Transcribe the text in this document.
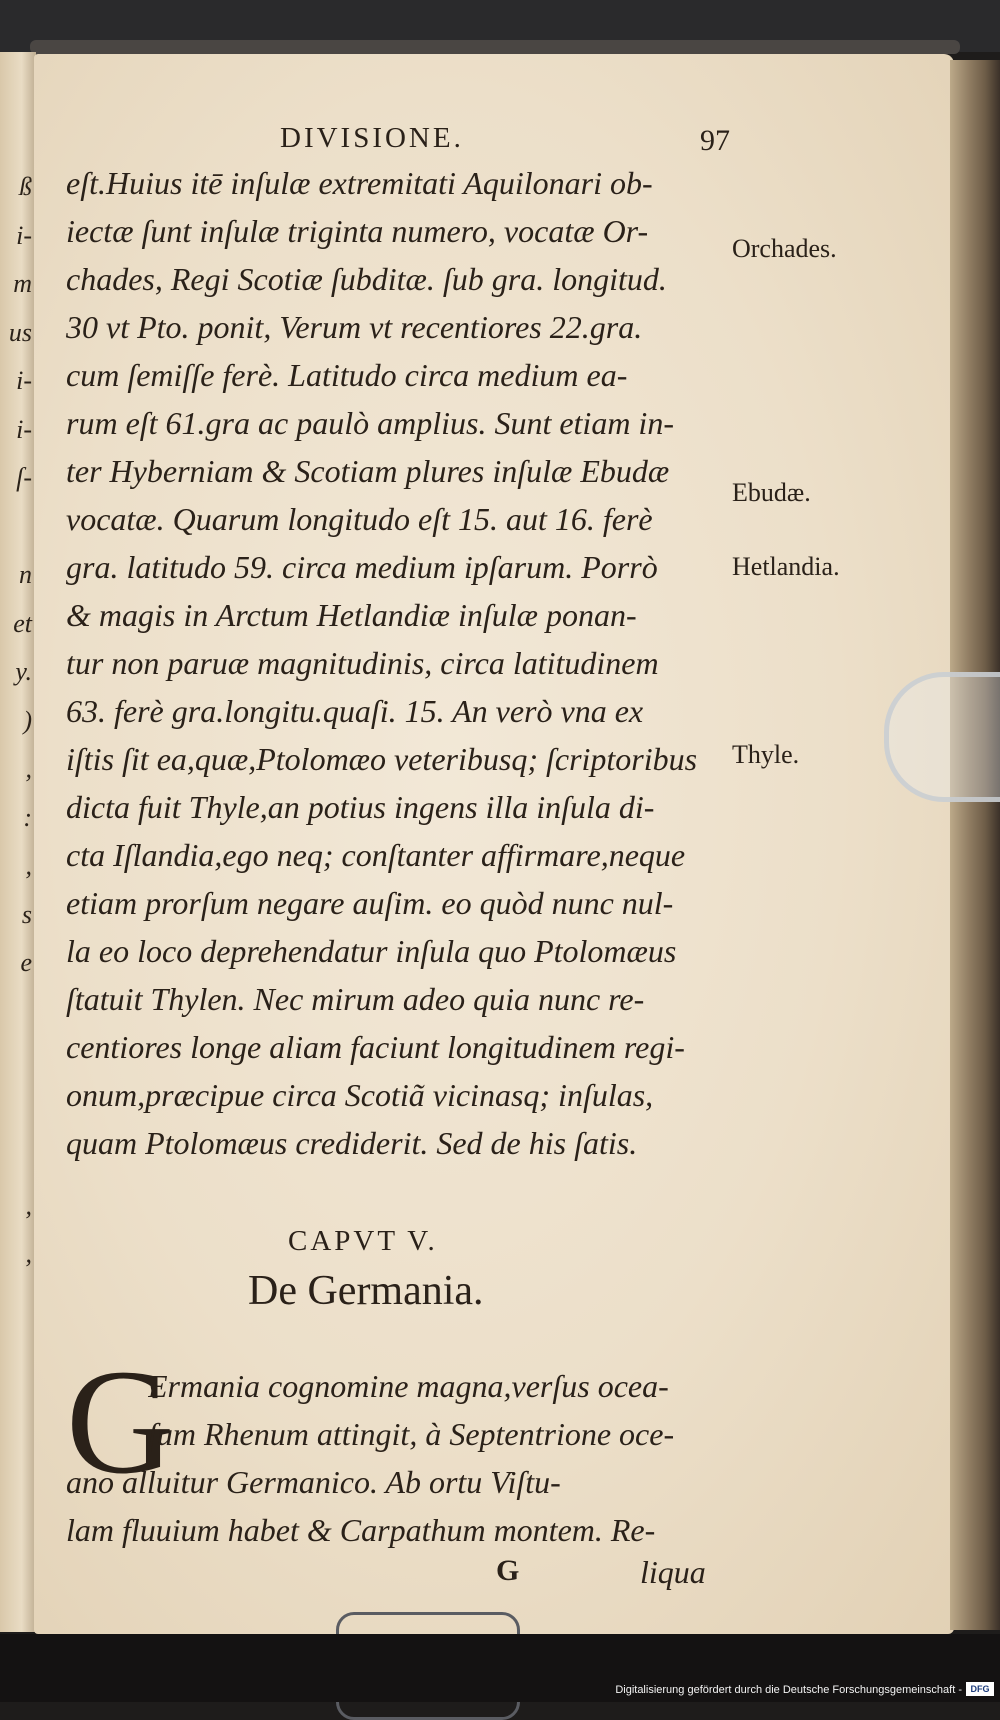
ß
i-
m
us
i-
i-
ſ-
n
et
y.
)
,
:
,
s
e
,
,
DIVISIONE.	97
eſt.Huius itē inſulæ extremitati Aquilonari ob-
iectæ ſunt inſulæ triginta numero, vocatæ Or-
chades, Regi Scotiæ ſubditæ. ſub gra. longitud.
30 vt Pto. ponit, Verum vt recentiores 22.gra.
cum ſemiſſe ferè. Latitudo circa medium ea-
rum eſt 61.gra ac paulò amplius. Sunt etiam in-
ter Hyberniam & Scotiam plures inſulæ Ebudæ
vocatæ. Quarum longitudo eſt 15. aut 16. ferè
gra. latitudo 59. circa medium ipſarum. Porrò
& magis in Arctum Hetlandiæ inſulæ ponan-
tur non paruæ magnitudinis, circa latitudinem
63. ferè gra.longitu.quaſi. 15. An verò vna ex
iſtis ſit ea,quæ,Ptolomæo veteribusq; ſcriptoribus
dicta fuit Thyle,an potius ingens illa inſula di-
cta Iſlandia,ego neq; conſtanter affirmare,neque
etiam prorſum negare auſim. eo quòd nunc nul-
la eo loco deprehendatur inſula quo Ptolomæus
ſtatuit Thylen. Nec mirum adeo quia nunc re-
centiores longe aliam faciunt longitudinem regi-
onum,præcipue circa Scotiã vicinasq; inſulas,
quam Ptolomæus crediderit. Sed de his ſatis.
Orchades.
Ebudæ.
Hetlandia.
Thyle.
CAPVT V.
De Germania.
G
Ermania cognomine magna,verſus ocea-
ſum Rhenum attingit, à Septentrione oce-
ano alluitur Germanico. Ab ortu Viſtu-
lam fluuium habet & Carpathum montem. Re-
G	liqua
Digitalisierung gefördert durch die Deutsche Forschungsgemeinschaft - DFG
